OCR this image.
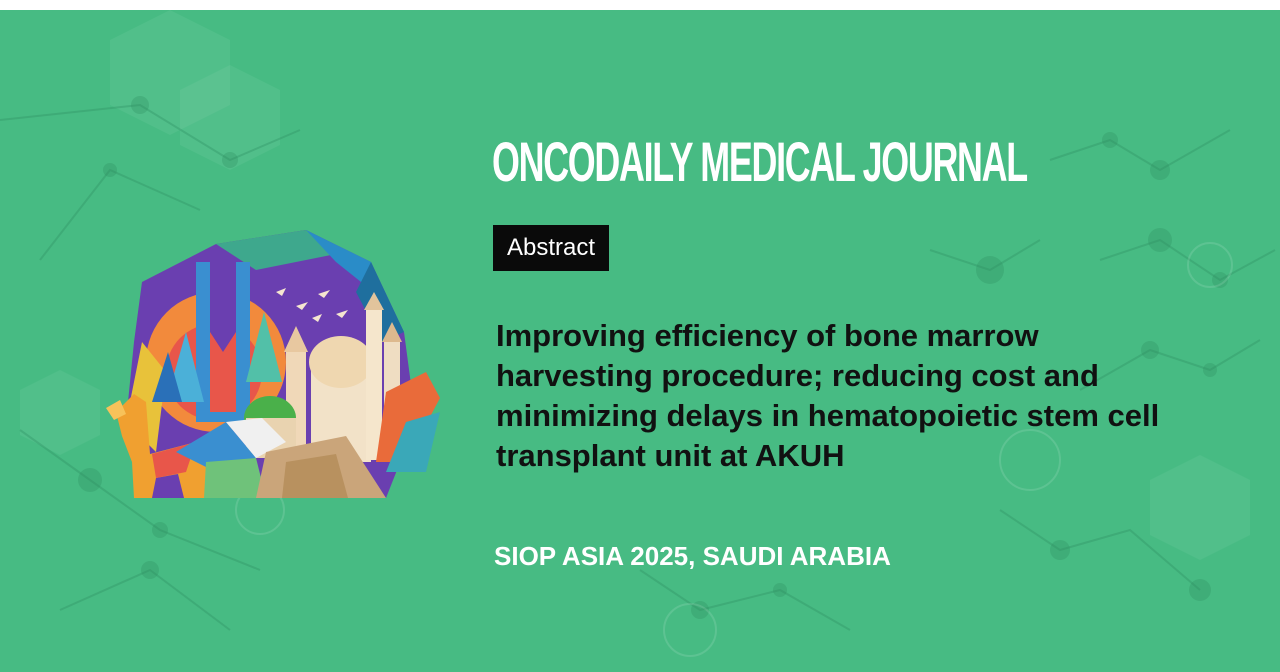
ONCODAILY MEDICAL JOURNAL
Abstract
Improving efficiency of bone marrow harvesting procedure; reducing cost and minimizing delays in hematopoietic stem cell transplant unit at AKUH

SIOP ASIA 2025, SAUDI ARABIA
